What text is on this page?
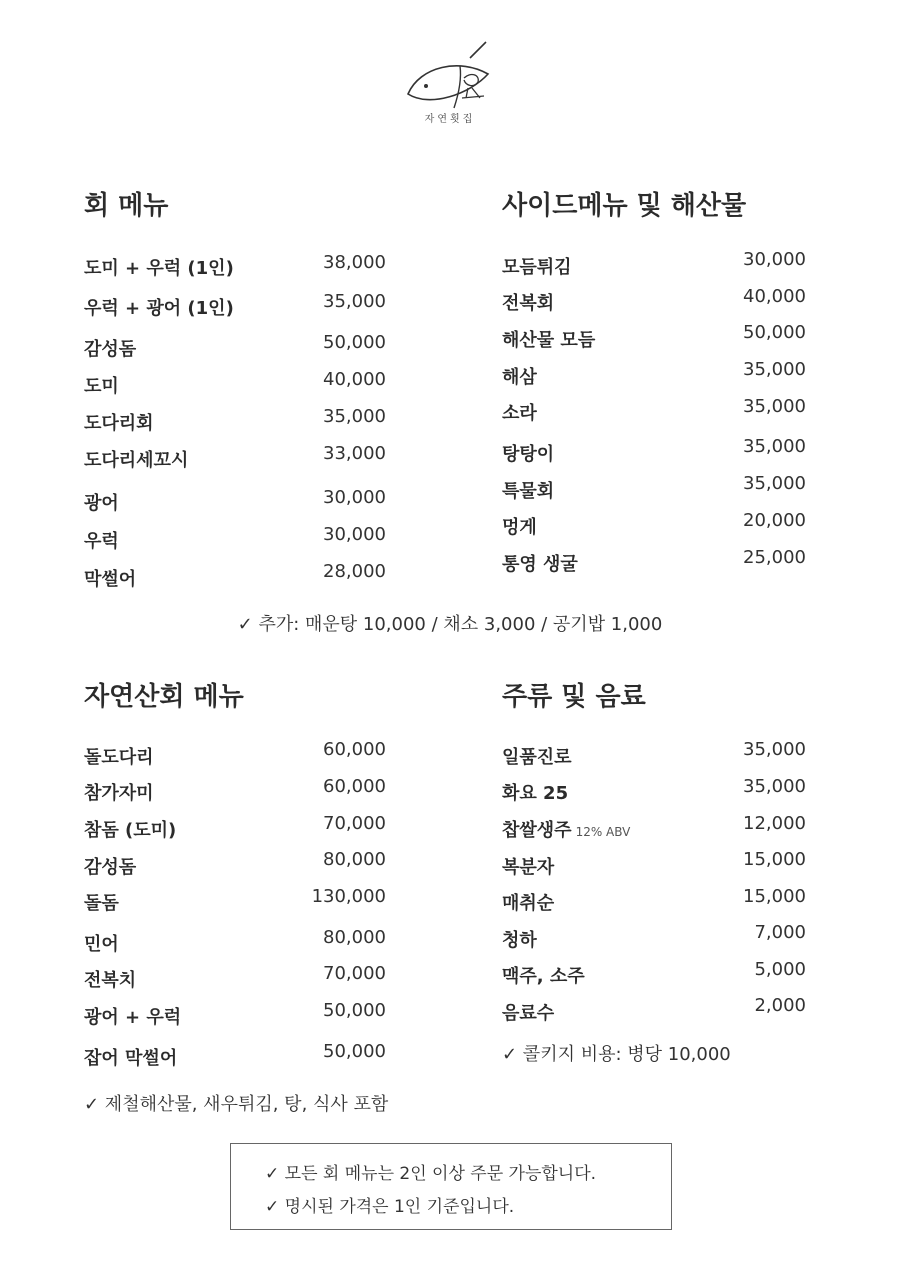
자연횟집
회 메뉴	사이드메뉴 및 해산물
자연산회 메뉴	주류 및 음료
도미 + 우럭 (1인)	38,000
우럭 + 광어 (1인)	35,000
감성돔	50,000
도미	40,000
도다리회	35,000
도다리세꼬시	33,000
광어	30,000
우럭	30,000
막썰어	28,000
모듬튀김	30,000
전복회	40,000
해산물 모듬	50,000
해삼	35,000
소라	35,000
탕탕이	35,000
특물회	35,000
멍게	20,000
통영 생굴	25,000
✓ 추가: 매운탕 10,000 / 채소 3,000 / 공기밥 1,000
돌도다리	60,000
참가자미	60,000
참돔 (도미)	70,000
감성돔	80,000
돌돔	130,000
민어	80,000
전복치	70,000
광어 + 우럭	50,000
잡어 막썰어	50,000
✓ 제철해산물, 새우튀김, 탕, 식사 포함
일품진로	35,000
화요 25	35,000
찹쌀생주 12% ABV	12,000
복분자	15,000
매취순	15,000
청하	7,000
맥주, 소주	5,000
음료수	2,000
✓ 콜키지 비용: 병당 10,000
✓ 모든 회 메뉴는 2인 이상 주문 가능합니다.
✓ 명시된 가격은 1인 기준입니다.
